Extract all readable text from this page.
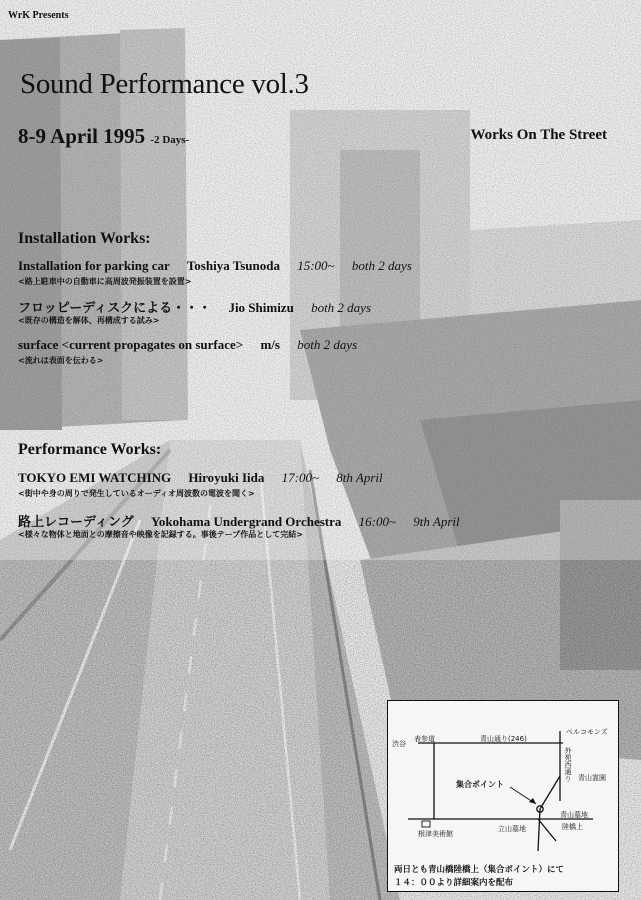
WrK Presents
Sound Performance vol.3
8-9 April 1995 -2 Days-	Works On The Street
Installation Works:
Installation for parking car Toshiya Tsunoda 15:00~ both 2 days
<路上駐車中の自動車に高周波発振装置を設置>
フロッピーディスクによる・・・ Jio Shimizu both 2 days
<既存の構造を解体、再構成する試み>
surface <current propagates on surface> m/s both 2 days
<流れは表面を伝わる>
Performance Works:
TOKYO EMI WATCHING Hiroyuki Iida 17:00~ 8th April
<街中や身の周りで発生しているオーディオ周波数の電波を聞く>
路上レコーディング Yokohama Undergrand Orchestra 16:00~ 9th April
<様々な物体と地面との摩擦音や映像を記録する。事後テープ作品として完結>
表参道	青山通り(246)
渋谷
ベルコモンズ
外苑西通り 青山霊園
集合ポイント
青山墓地
陸橋上
根津美術館
立山墓地
両日とも青山橋陸橋上（集合ポイント）にて
１４：００より詳細案内を配布
